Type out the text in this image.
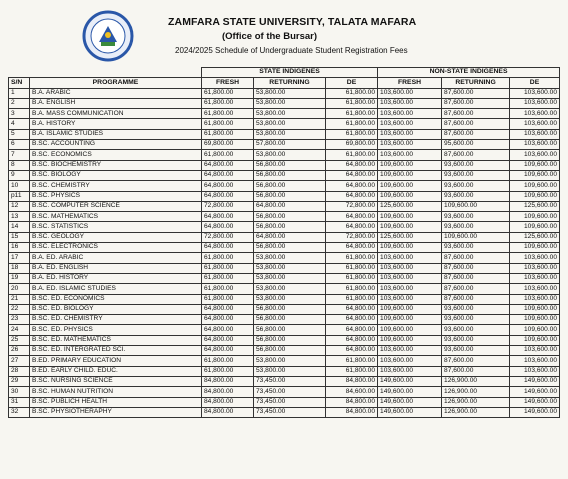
ZAMFARA STATE UNIVERSITY, TALATA MAFARA
(Office of the Bursar)
2024/2025 Schedule of Undergraduate Student Registration Fees
		STATE INDIGENES			NON-STATE INDIGENES		
S/N	PROGRAMME	FRESH	RETURNING	DE	FRESH	RETURNING	DE
1	B.A. ARABIC	61,800.00	53,800.00	61,800.00	103,600.00	87,600.00	103,600.00
2	B.A. ENGLISH	61,800.00	53,800.00	61,800.00	103,600.00	87,600.00	103,600.00
3	B.A. MASS COMMUNICATION	61,800.00	53,800.00	61,800.00	103,600.00	87,600.00	103,600.00
4	B.A. HISTORY	61,800.00	53,800.00	61,800.00	103,600.00	87,600.00	103,600.00
5	B.A. ISLAMIC STUDIES	61,800.00	53,800.00	61,800.00	103,600.00	87,600.00	103,600.00
6	B.SC. ACCOUNTING	69,800.00	57,800.00	69,800.00	103,600.00	95,600.00	103,600.00
7	B.SC. ECONOMICS	61,800.00	53,800.00	61,800.00	103,600.00	87,600.00	103,600.00
8	B.SC. BIOCHEMISTRY	64,800.00	56,800.00	64,800.00	109,600.00	93,600.00	109,600.00
9	B.SC. BIOLOGY	64,800.00	56,800.00	64,800.00	109,600.00	93,600.00	109,600.00
10	B.SC. CHEMISTRY	64,800.00	56,800.00	64,800.00	109,600.00	93,600.00	109,600.00
p11	B.SC. PHYSICS	64,800.00	56,800.00	64,800.00	109,600.00	93,600.00	109,600.00
12	B.SC. COMPUTER SCIENCE	72,800.00	64,800.00	72,800.00	125,600.00	109,600.00	125,600.00
13	B.SC. MATHEMATICS	64,800.00	56,800.00	64,800.00	109,600.00	93,600.00	109,600.00
14	B.SC. STATISTICS	64,800.00	56,800.00	64,800.00	109,600.00	93,600.00	109,600.00
15	B.SC. GEOLOGY	72,800.00	64,800.00	72,800.00	125,600.00	109,600.00	125,600.00
16	B.SC. ELECTRONICS	64,800.00	56,800.00	64,800.00	109,600.00	93,600.00	109,600.00
17	B.A. ED. ARABIC	61,800.00	53,800.00	61,800.00	103,600.00	87,600.00	103,600.00
18	B.A. ED. ENGLISH	61,800.00	53,800.00	61,800.00	103,600.00	87,600.00	103,600.00
19	B.A. ED. HISTORY	61,800.00	53,800.00	61,800.00	103,600.00	87,600.00	103,600.00
20	B.A. ED. ISLAMIC STUDIES	61,800.00	53,800.00	61,800.00	103,600.00	87,600.00	103,600.00
21	B.SC. ED. ECONOMICS	61,800.00	53,800.00	61,800.00	103,600.00	87,600.00	103,600.00
22	B.SC. ED. BIOLOGY	64,800.00	56,800.00	64,800.00	109,600.00	93,600.00	109,600.00
23	B.SC. ED. CHEMISTRY	64,800.00	56,800.00	64,800.00	109,600.00	93,600.00	109,600.00
24	B.SC. ED. PHYSICS	64,800.00	56,800.00	64,800.00	109,600.00	93,600.00	109,600.00
25	B.SC. ED. MATHEMATICS	64,800.00	56,800.00	64,800.00	109,600.00	93,600.00	109,600.00
26	B.SC. ED. INTERGRATED SCI.	64,800.00	56,800.00	64,800.00	103,600.00	93,600.00	103,600.00
27	B.ED. PRIMARY EDUCATION	61,800.00	53,800.00	61,800.00	103,600.00	87,600.00	103,600.00
28	B.ED. EARLY CHILD. EDUC.	61,800.00	53,800.00	61,800.00	103,600.00	87,600.00	103,600.00
29	B.SC. NURSING SCIENCE	84,800.00	73,450.00	84,800.00	149,600.00	126,900.00	149,600.00
30	B.SC. HUMAN NUTRITION	84,800.00	73,450.00	84,600.00	149,600.00	126,900.00	149,600.00
31	B.SC. PUBLICH HEALTH	84,800.00	73,450.00	84,800.00	149,600.00	126,900.00	149,600.00
32	B.SC. PHYSIOTHERAPHY	84,800.00	73,450.00	84,800.00	149,600.00	126,900.00	149,600.00
